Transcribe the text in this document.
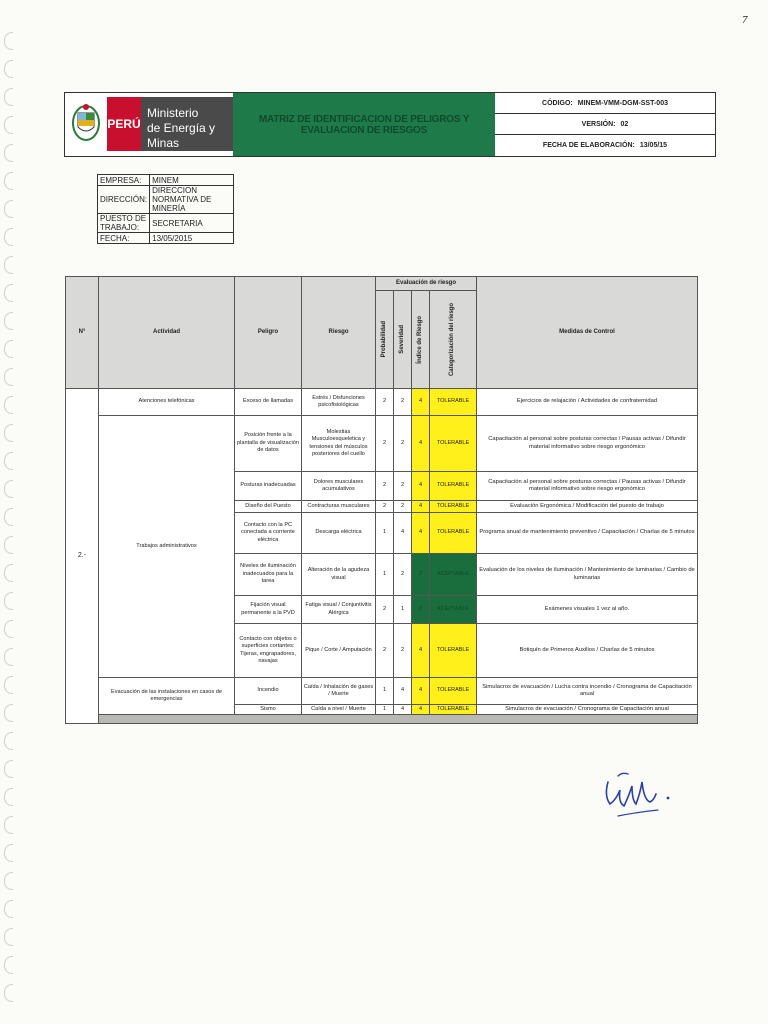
7
PERÚ
Ministerio
de Energía y Minas
MATRIZ DE IDENTIFICACION DE PELIGROS Y EVALUACION DE RIESGOS
CÓDIGO: MINEM-VMM-DGM-SST-003
VERSIÓN: 02
FECHA DE ELABORACIÓN: 13/05/15
EMPRESA:	MINEM
DIRECCIÓN:	DIRECCION NORMATIVA DE MINERÍA
PUESTO DE TRABAJO:	SECRETARIA
FECHA:	13/05/2015
N°	Actividad	Peligro	Riesgo	Evaluación de riesgo				Medidas de Control

				Probabilidad	Severidad	Índice de Riesgo	Categorización del riesgo	

2.-	Atenciones telefónicas	Exceso de llamadas	Estrés / Disfunciones psicofisiológicas	2	2	4	TOLERABLE	Ejercicios de relajación / Actividades de confraternidad
	Trabajos administrativos	Posición frente a la plantalla de visualización de datos	Molestias Musculoesqueletica y tensiones del músculos posteriores del cuello	2	2	4	TOLERABLE	Capacitación al personal sobre posturas correctas / Pausas activas / Difundir material informativo sobre riesgo ergonómico
		Posturas inadecuadas	Dolores musculares acumulativos	2	2	4	TOLERABLE	Capacitación al personal sobre posturas correctas / Pausas activas / Difundir material informativo sobre riesgo ergonómico
		Diseño del Puesto	Contracturas musculares	2	2	4	TOLERABLE	Evaluación Ergonómica / Modificación del puesto de trabajo
		Contacto con la PC conectada a corriente eléctrica	Descarga eléctrica	1	4	4	TOLERABLE	Programa anual de mantenimiento preventivo / Capacitación / Charlas de 5 minutos
		Niveles de iluminación inadecuados para la tarea	Alteración de la agudeza visual	1	2	2	ACEPTABLE	Evaluación de los niveles de iluminación / Mantenimiento de luminarias / Cambio de luminarias
		Fijación visual permanente a la PVD	Fatiga visual / Conjuntivitis Alérgica	2	1	2	ACEPTABLE	Exámenes visuales 1 vez al año.
		Contacto con objetos o superficies cortantes: Tijeras, engrapadores, navajas	Pique / Corte / Amputación	2	2	4	TOLERABLE	Botiquín de Primeros Auxilios / Charlas de 5 minutos
	Evacuación de las instalaciones en casos de emergencias	Incendio	Caída / Inhalación de gases / Muerte	1	4	4	TOLERABLE	Simulacros de evacuación / Lucha contra incendio / Cronograma de Capacitación anual
		Sismo	Caída a nivel / Muerte	1	4	4	TOLERABLE	Simulacros de evacuación / Cronograma de Capacitación anual
